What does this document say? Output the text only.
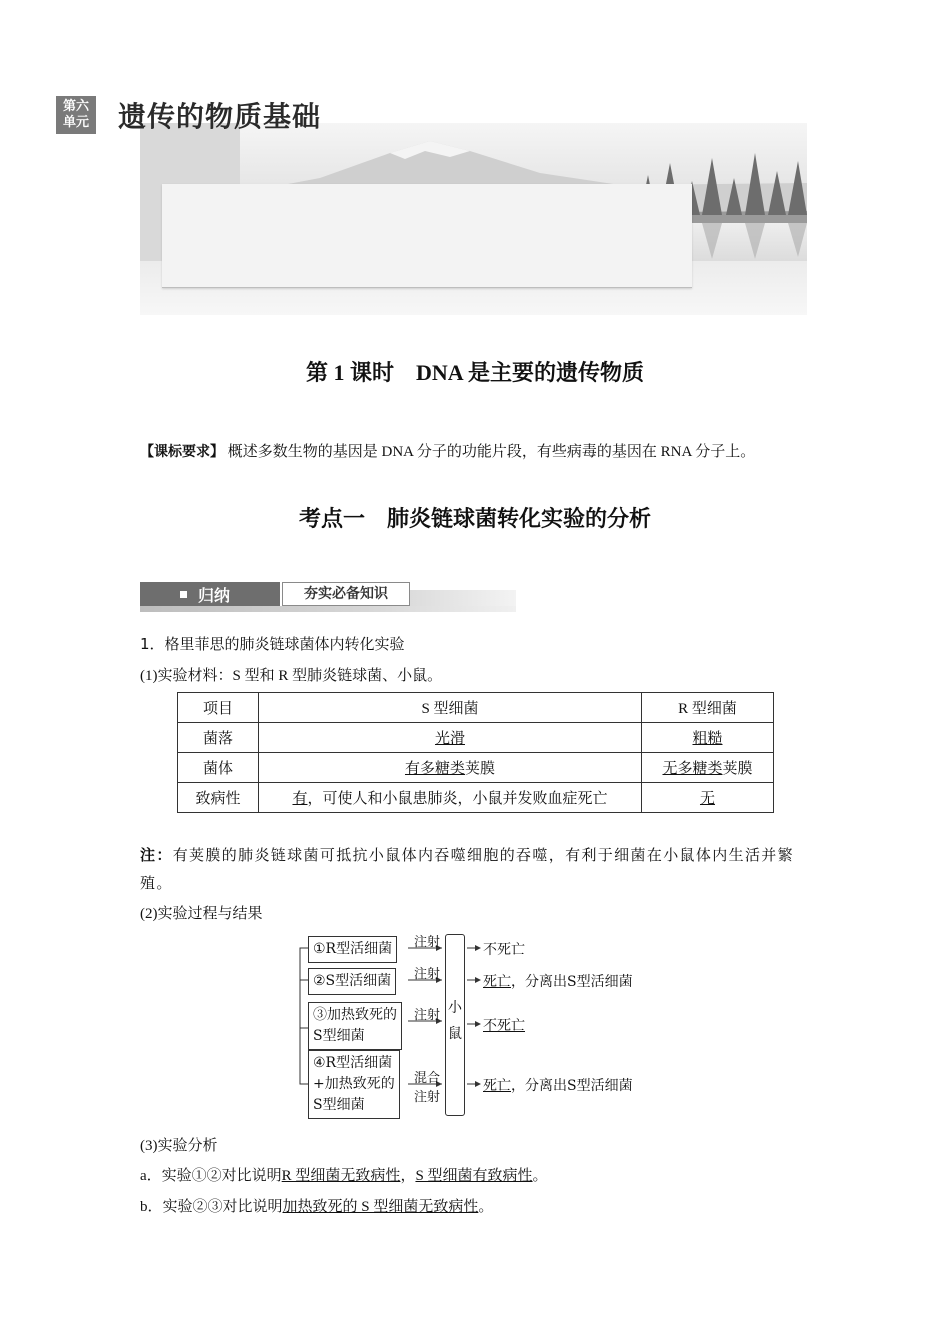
第六
单元 遗传的物质基础
第 1 课时　DNA 是主要的遗传物质
【课标要求】 概述多数生物的基因是 DNA 分子的功能片段，有些病毒的基因在 RNA 分子上。
考点一　肺炎链球菌转化实验的分析
归纳	夯实必备知识
1．格里菲思的肺炎链球菌体内转化实验
(1)实验材料：S 型和 R 型肺炎链球菌、小鼠。
项目	S 型细菌	R 型细菌
菌落	光滑	粗糙
菌体	有多糖类荚膜	无多糖类荚膜
致病性	有，可使人和小鼠患肺炎，小鼠并发败血症死亡	无
注：有荚膜的肺炎链球菌可抵抗小鼠体内吞噬细胞的吞噬，有利于细菌在小鼠体内生活并繁殖。
(2)实验过程与结果
①R型活细菌
②S型活细菌
③加热致死的
S型细菌
④R型活细菌
+加热致死的
S型细菌
注射
注射
注射
混合
注射
小
鼠
不死亡
死亡，分离出S型活细菌
不死亡
死亡，分离出S型活细菌
(3)实验分析
a．实验①②对比说明R 型细菌无致病性，S 型细菌有致病性。
b．实验②③对比说明加热致死的 S 型细菌无致病性。
